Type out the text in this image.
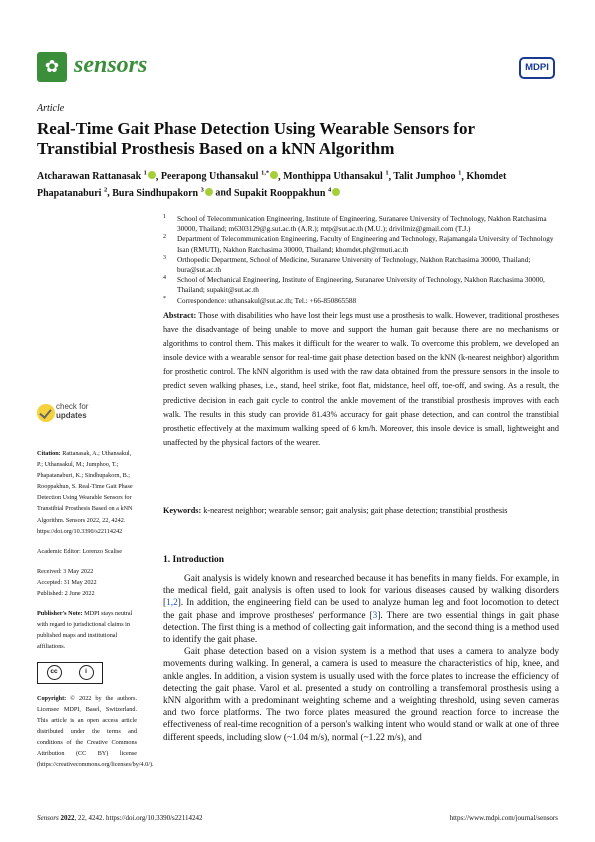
✿ sensors	MDPI
Article
Real-Time Gait Phase Detection Using Wearable Sensors for Transtibial Prosthesis Based on a kNN Algorithm
Atcharawan Rattanasak $^1$ , Peerapong Uthansakul $^{1,*}$ , Monthippa Uthansakul $^1$, Talit Jumphoo $^1$, Khomdet Phapatanaburi $^2$, Bura Sindhupakorn $^3$ and Supakit Rooppakhun $^4$
1 School of Telecommunication Engineering, Institute of Engineering, Suranaree University of Technology, Nakhon Ratchasima 30000, Thailand; m6303129@g.sut.ac.th (A.R.); mtp@sut.ac.th (M.U.); drivilmiz@gmail.com (T.J.)
2 Department of Telecommunication Engineering, Faculty of Engineering and Technology, Rajamangala University of Technology Isan (RMUTI), Nakhon Ratchasima 30000, Thailand; khomdet.ph@rmuti.ac.th
3 Orthopedic Department, School of Medicine, Suranaree University of Technology, Nakhon Ratchasima 30000, Thailand; bura@sut.ac.th
4 School of Mechanical Engineering, Institute of Engineering, Suranaree University of Technology, Nakhon Ratchasima 30000, Thailand; supakit@sut.ac.th
* Correspondence: uthansakul@sut.ac.th; Tel.: +66-850865588
Abstract: Those with disabilities who have lost their legs must use a prosthesis to walk. However, traditional prostheses have the disadvantage of being unable to move and support the human gait because there are no mechanisms or algorithms to control them. This makes it difficult for the wearer to walk. To overcome this problem, we developed an insole device with a wearable sensor for real-time gait phase detection based on the kNN (k-nearest neighbor) algorithm for prosthetic control. The kNN algorithm is used with the raw data obtained from the pressure sensors in the insole to predict seven walking phases, i.e., stand, heel strike, foot flat, midstance, heel off, toe-off, and swing. As a result, the predictive decision in each gait cycle to control the ankle movement of the transtibial prosthesis improves with each walk. The results in this study can provide 81.43% accuracy for gait phase detection, and can control the transtibial prosthetic effectively at the maximum walking speed of 6 km/h. Moreover, this insole device is small, lightweight and unaffected by the physical factors of the wearer.
Keywords: k-nearest neighbor; wearable sensor; gait analysis; gait phase detection; transtibial prosthesis
check for
updates
Citation: Rattanasak, A.; Uthansakul, P.; Uthansakul, M.; Jumphoo, T.; Phapatanaburi, K.; Sindhupakorn, B.; Rooppakhun, S. Real-Time Gait Phase Detection Using Wearable Sensors for Transtibial Prosthesis Based on a kNN Algorithm. Sensors 2022, 22, 4242. https://doi.org/10.3390/s22114242
Academic Editor: Lorenzo Scalise
Received: 3 May 2022
Accepted: 31 May 2022
Published: 2 June 2022
Publisher's Note: MDPI stays neutral with regard to jurisdictional claims in published maps and institutional affiliations.
cc	i
Copyright: © 2022 by the authors. Licensee MDPI, Basel, Switzerland. This article is an open access article distributed under the terms and conditions of the Creative Commons Attribution (CC BY) license (https://creativecommons.org/licenses/by/4.0/).
1. Introduction

Gait analysis is widely known and researched because it has benefits in many fields. For example, in the medical field, gait analysis is often used to look for various diseases caused by walking disorders [1,2]. In addition, the engineering field can be used to analyze human leg and foot locomotion to detect the gait phase and improve prostheses' performance [3]. There are two essential things in gait phase detection. The first thing is a method of collecting gait information, and the second thing is a method used to identify the gait phase.

Gait phase detection based on a vision system is a method that uses a camera to analyze body movements during walking. In general, a camera is used to measure the characteristics of hip, knee, and ankle angles. In addition, a vision system is usually used with the force plates to increase the efficiency of detecting the gait phase. Varol et al. presented a study on controlling a transfemoral prosthesis using a kNN algorithm with a predominant weighting scheme and a weighting threshold, using seven cameras and two force platforms. The two force plates measured the ground reaction force to increase the effectiveness of real-time recognition of a person's walking intent who would stand or walk at one of three different speeds, including slow (~1.04 m/s), normal (~1.22 m/s), and

Sensors 2022, 22, 4242. https://doi.org/10.3390/s22114242	https://www.mdpi.com/journal/sensors
